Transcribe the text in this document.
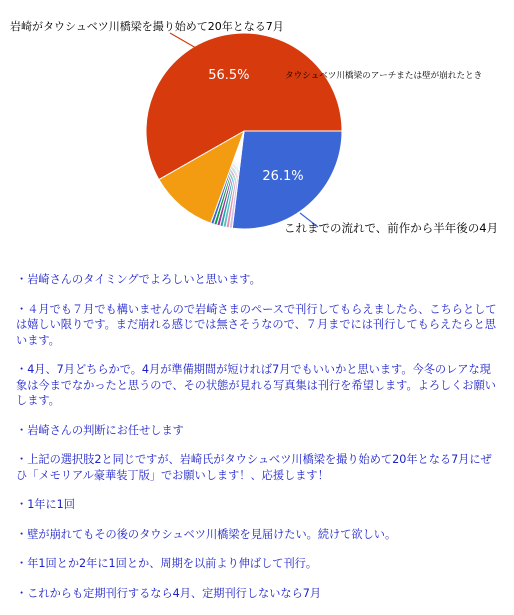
26.1%
56.5%
これまでの流れで、前作から半年後の4月
タウシュベツ川橋梁のアーチまたは壁が崩れたとき
岩崎がタウシュベツ川橋梁を撮り始めて20年となる7月
・岩崎さんのタイミングでよろしいと思います。
・４月でも７月でも構いませんので岩崎さまのペースで刊行してもらえましたら、こちらとしては嬉しい限りです。まだ崩れる感じでは無さそうなので、７月までには刊行してもらえたらと思います。
・4月、7月どちらかで。4月が準備期間が短ければ7月でもいいかと思います。今冬のレアな現象は今までなかったと思うので、その状態が見れる写真集は刊行を希望します。よろしくお願いします。
・岩崎さんの判断にお任せします
・上記の選択肢2と同じですが、岩崎氏がタウシュベツ川橋梁を撮り始めて20年となる7月にぜひ「メモリアル豪華装丁版」でお願いします！、応援します！
・1年に1回
・壁が崩れてもその後のタウシュベツ川橋梁を見届けたい。続けて欲しい。
・年1回とか2年に1回とか、周期を以前より伸ばして刊行。
・これからも定期刊行するなら4月、定期刊行しないなら7月
